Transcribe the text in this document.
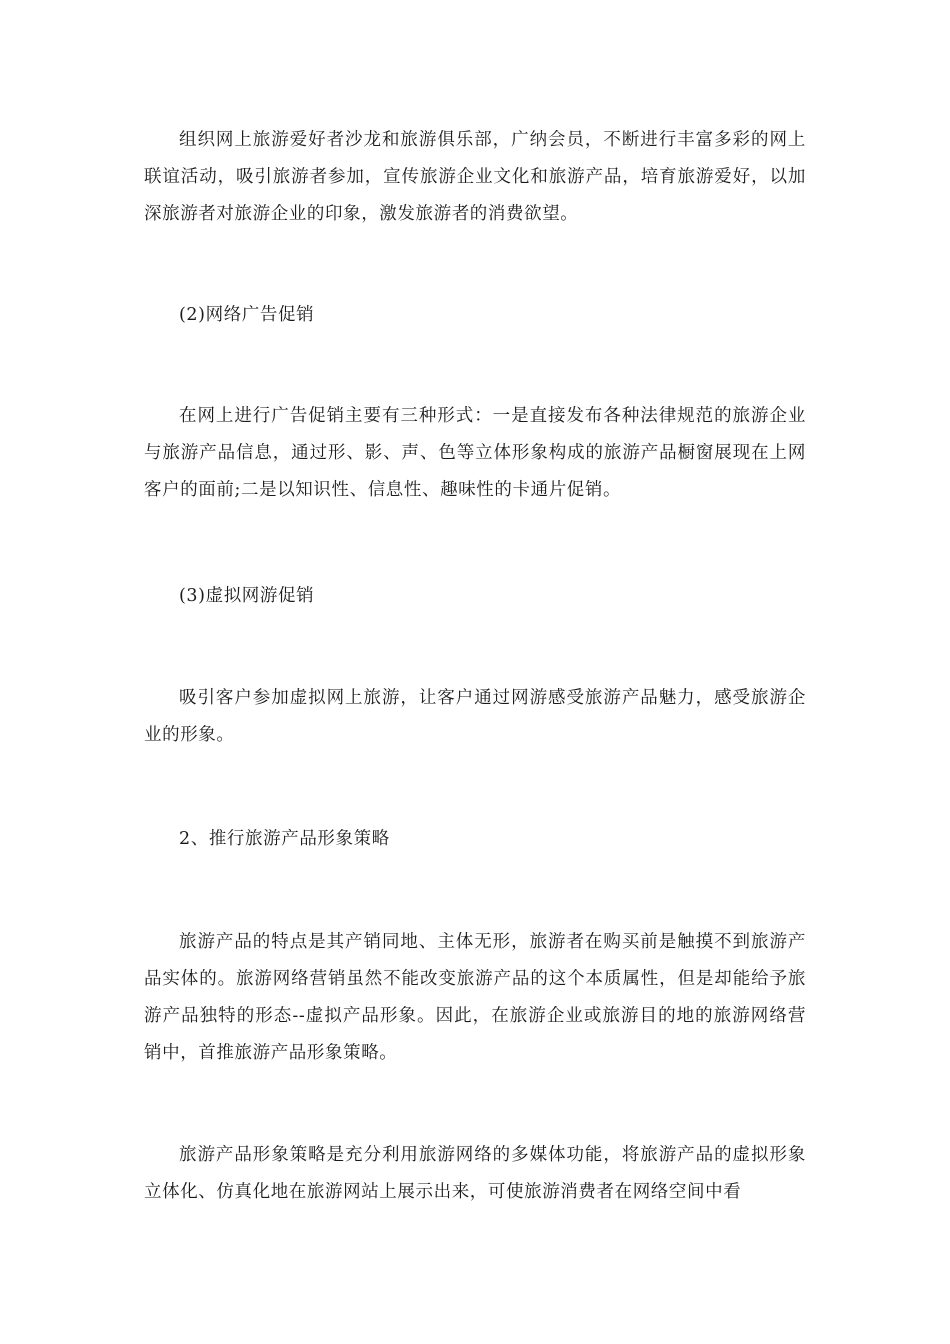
组织网上旅游爱好者沙龙和旅游俱乐部，广纳会员，不断进行丰富多彩的网上联谊活动，吸引旅游者参加，宣传旅游企业文化和旅游产品，培育旅游爱好，以加深旅游者对旅游企业的印象，激发旅游者的消费欲望。

(2)网络广告促销

在网上进行广告促销主要有三种形式：一是直接发布各种法律规范的旅游企业与旅游产品信息，通过形、影、声、色等立体形象构成的旅游产品橱窗展现在上网客户的面前;二是以知识性、信息性、趣味性的卡通片促销。

(3)虚拟网游促销

吸引客户参加虚拟网上旅游，让客户通过网游感受旅游产品魅力，感受旅游企业的形象。

2、推行旅游产品形象策略

旅游产品的特点是其产销同地、主体无形，旅游者在购买前是触摸不到旅游产品实体的。旅游网络营销虽然不能改变旅游产品的这个本质属性，但是却能给予旅游产品独特的形态--虚拟产品形象。因此，在旅游企业或旅游目的地的旅游网络营销中，首推旅游产品形象策略。

旅游产品形象策略是充分利用旅游网络的多媒体功能，将旅游产品的虚拟形象立体化、仿真化地在旅游网站上展示出来，可使旅游消费者在网络空间中看
